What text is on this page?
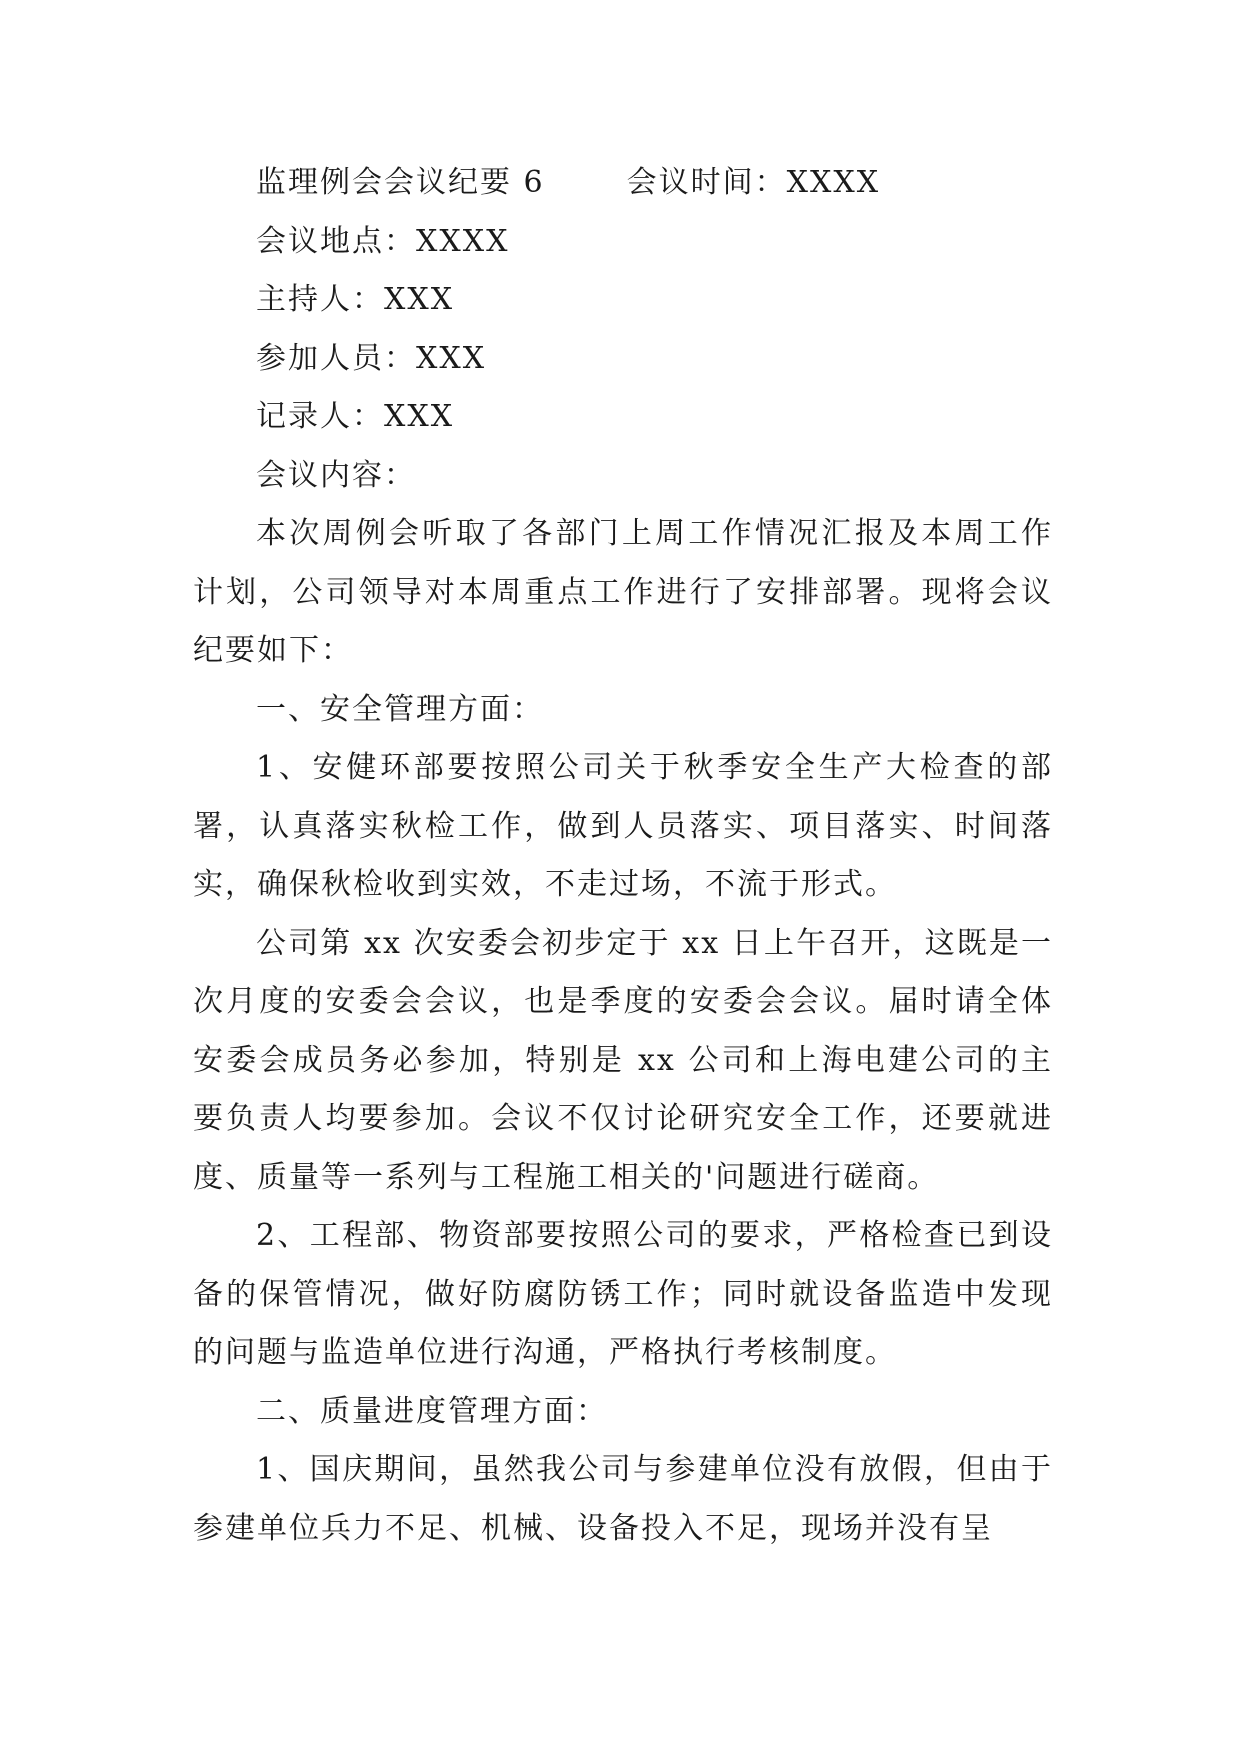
监理例会会议纪要 6	会议时间：XXXX
会议地点：XXXX
主持人：XXX
参加人员：XXX
记录人：XXX
会议内容：

本次周例会听取了各部门上周工作情况汇报及本周工作计划，公司领导对本周重点工作进行了安排部署。现将会议纪要如下：

一、安全管理方面：

1、安健环部要按照公司关于秋季安全生产大检查的部署，认真落实秋检工作，做到人员落实、项目落实、时间落实，确保秋检收到实效，不走过场，不流于形式。

公司第 xx 次安委会初步定于 xx 日上午召开，这既是一次月度的安委会会议，也是季度的安委会会议。届时请全体安委会成员务必参加，特别是 xx 公司和上海电建公司的主要负责人均要参加。会议不仅讨论研究安全工作，还要就进度、质量等一系列与工程施工相关的'问题进行磋商。

2、工程部、物资部要按照公司的要求，严格检查已到设备的保管情况，做好防腐防锈工作；同时就设备监造中发现的问题与监造单位进行沟通，严格执行考核制度。

二、质量进度管理方面：

1、国庆期间，虽然我公司与参建单位没有放假，但由于参建单位兵力不足、机械、设备投入不足，现场并没有呈
